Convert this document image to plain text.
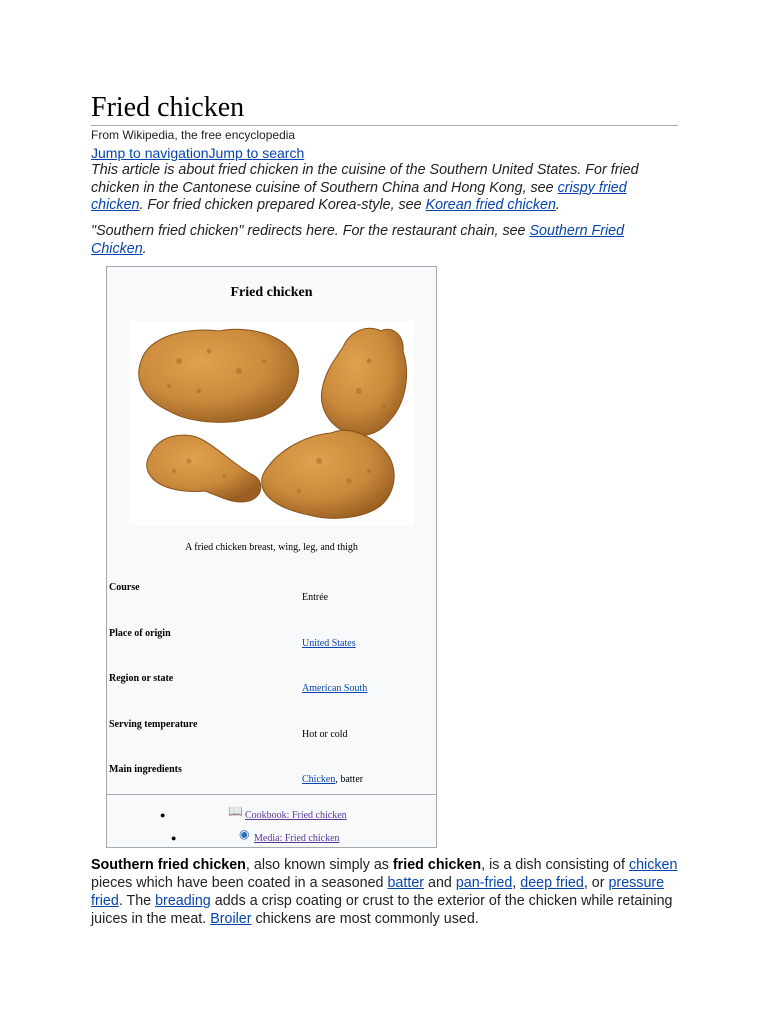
Fried chicken
From Wikipedia, the free encyclopedia
Jump to navigationJump to search
This article is about fried chicken in the cuisine of the Southern United States. For fried chicken in the Cantonese cuisine of Southern China and Hong Kong, see crispy fried chicken. For fried chicken prepared Korea-style, see Korean fried chicken.
"Southern fried chicken" redirects here. For the restaurant chain, see Southern Fried Chicken.
Fried chicken
A fried chicken breast, wing, leg, and thigh
Course
Entrée
Place of origin
United States
Region or state
American South
Serving temperature
Hot or cold
Main ingredients
Chicken, batter
●	📖 Cookbook: Fried chicken
●	◉ Media: Fried chicken
Southern fried chicken, also known simply as fried chicken, is a dish consisting of chicken pieces which have been coated in a seasoned batter and pan-fried, deep fried, or pressure fried. The breading adds a crisp coating or crust to the exterior of the chicken while retaining juices in the meat. Broiler chickens are most commonly used.
